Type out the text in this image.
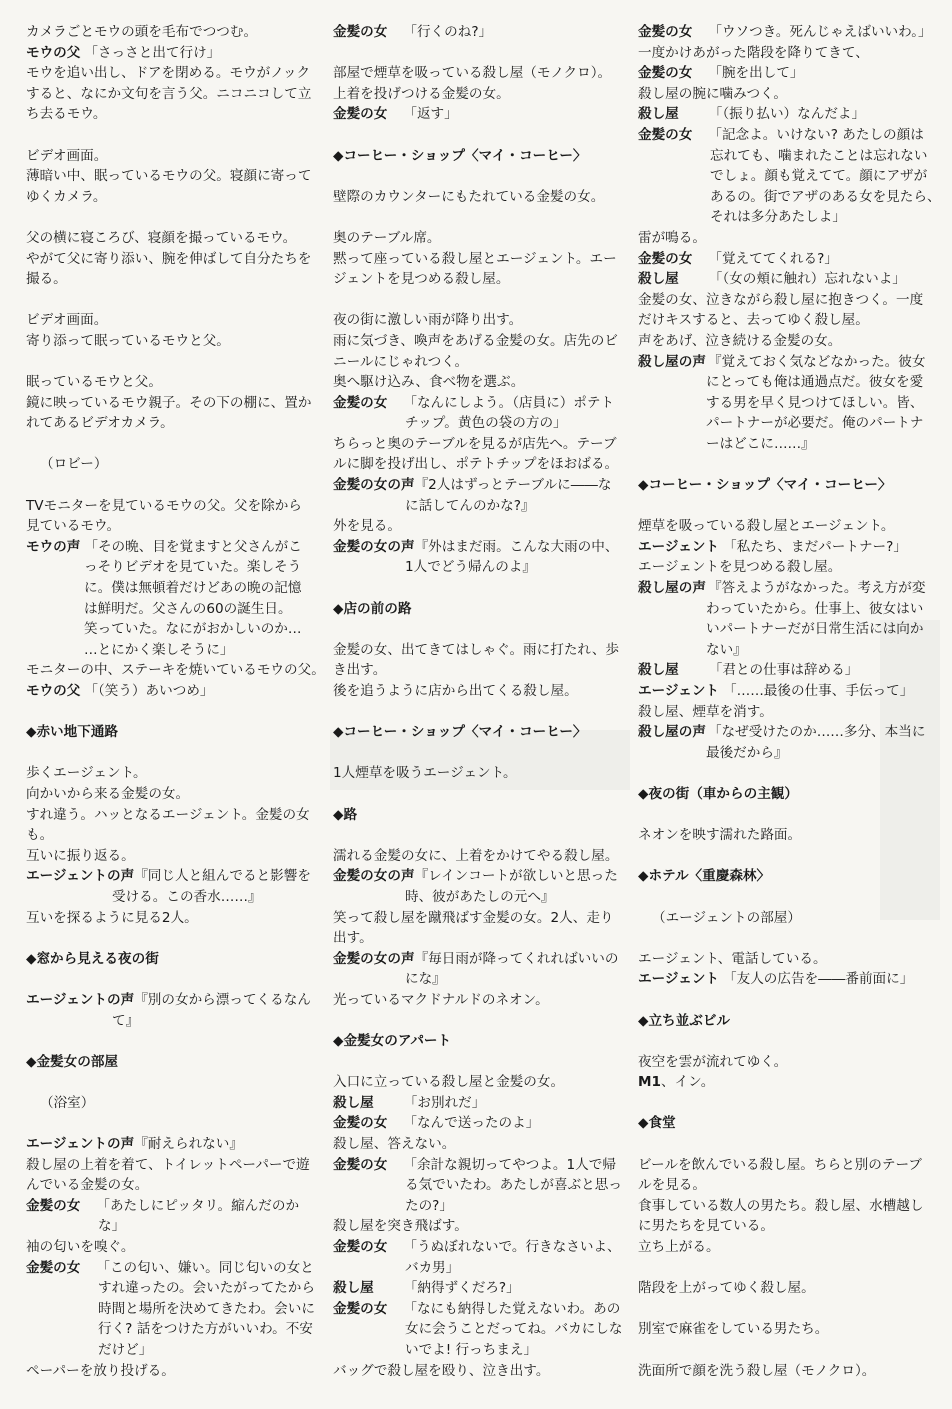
カメラごとモウの頭を毛布でつつむ。
モウの父 「さっさと出て行け」
モウを追い出し、ドアを閉める。モウがノック
すると、なにか文句を言う父。ニコニコして立
ち去るモウ。
ビデオ画面。
薄暗い中、眠っているモウの父。寝顔に寄って
ゆくカメラ。
父の横に寝ころび、寝顔を撮っているモウ。
やがて父に寄り添い、腕を伸ばして自分たちを
撮る。
ビデオ画面。
寄り添って眠っているモウと父。
眠っているモウと父。
鏡に映っているモウ親子。その下の棚に、置か
れてあるビデオカメラ。
（ロビー）
TVモニターを見ているモウの父。父を除から
見ているモウ。
モウの声 「その晩、目を覚ますと父さんがこ
っそりビデオを見ていた。楽しそう
に。僕は無頓着だけどあの晩の記憶
は鮮明だ。父さんの60の誕生日。
笑っていた。なにがおかしいのか…
…とにかく楽しそうに」
モニターの中、ステーキを焼いているモウの父。
モウの父 「（笑う）あいつめ」
◆赤い地下通路
歩くエージェント。
向かいから来る金髪の女。
すれ違う。ハッとなるエージェント。金髪の女
も。
互いに振り返る。
エージェントの声『同じ人と組んでると影響を
受ける。この香水……』
互いを探るように見る2人。
◆窓から見える夜の街
エージェントの声『別の女から漂ってくるなん
て』
◆金髪女の部屋
（浴室）
エージェントの声『耐えられない』
殺し屋の上着を着て、トイレットペーパーで遊
んでいる金髪の女。
金髪の女 「あたしにピッタリ。縮んだのか
な」
袖の匂いを嗅ぐ。
金髪の女 「この匂い、嫌い。同じ匂いの女と
すれ違ったの。会いたがってたから
時間と場所を決めてきたわ。会いに
行く? 話をつけた方がいいわ。不安
だけど」
ペーパーを放り投げる。
金髪の女 「行くのね?」
部屋で煙草を吸っている殺し屋（モノクロ）。
上着を投げつける金髪の女。
金髪の女 「返す」
◆コーヒー・ショップ〈マイ・コーヒー〉
壁際のカウンターにもたれている金髪の女。
奥のテーブル席。
黙って座っている殺し屋とエージェント。エー
ジェントを見つめる殺し屋。
夜の街に激しい雨が降り出す。
雨に気づき、喚声をあげる金髪の女。店先のビ
ニールにじゃれつく。
奥へ駆け込み、食べ物を選ぶ。
金髪の女 「なんにしよう。（店員に）ポテト
チップ。黄色の袋の方の」
ちらっと奥のテーブルを見るが店先へ。テーブ
ルに脚を投げ出し、ポテトチップをほおばる。
金髪の女の声『2人はずっとテーブルに――な
に話してんのかな?』
外を見る。
金髪の女の声『外はまだ雨。こんな大雨の中、
1人でどう帰んのよ』
◆店の前の路
金髪の女、出てきてはしゃぐ。雨に打たれ、歩
き出す。
後を追うように店から出てくる殺し屋。
◆コーヒー・ショップ〈マイ・コーヒー〉
1人煙草を吸うエージェント。
◆路
濡れる金髪の女に、上着をかけてやる殺し屋。
金髪の女の声『レインコートが欲しいと思った
時、彼があたしの元へ』
笑って殺し屋を蹴飛ばす金髪の女。2人、走り
出す。
金髪の女の声『毎日雨が降ってくれればいいの
にな』
光っているマクドナルドのネオン。
◆金髪女のアパート
入口に立っている殺し屋と金髪の女。
殺し屋 「お別れだ」
金髪の女 「なんで送ったのよ」
殺し屋、答えない。
金髪の女 「余計な親切ってやつよ。1人で帰
る気でいたわ。あたしが喜ぶと思っ
たの?」
殺し屋を突き飛ばす。
金髪の女 「うぬぼれないで。行きなさいよ、
バカ男」
殺し屋 「納得ずくだろ?」
金髪の女 「なにも納得した覚えないわ。あの
女に会うことだってね。バカにしな
いでよ! 行っちまえ」
バッグで殺し屋を殴り、泣き出す。
金髪の女 「ウソつき。死んじゃえばいいわ。」
一度かけあがった階段を降りてきて、
金髪の女 「腕を出して」
殺し屋の腕に噛みつく。
殺し屋 「（振り払い）なんだよ」
金髪の女 「記念よ。いけない? あたしの顔は
忘れても、噛まれたことは忘れない
でしょ。顔も覚えてて。顔にアザが
あるの。街でアザのある女を見たら、
それは多分あたしよ」
雷が鳴る。
金髪の女 「覚えててくれる?」
殺し屋 「（女の頬に触れ）忘れないよ」
金髪の女、泣きながら殺し屋に抱きつく。一度
だけキスすると、去ってゆく殺し屋。
声をあげ、泣き続ける金髪の女。
殺し屋の声 『覚えておく気などなかった。彼女
にとっても俺は通過点だ。彼女を愛
する男を早く見つけてほしい。皆、
パートナーが必要だ。俺のパートナ
ーはどこに……』
◆コーヒー・ショップ〈マイ・コーヒー〉
煙草を吸っている殺し屋とエージェント。
エージェント 「私たち、まだパートナー?」
エージェントを見つめる殺し屋。
殺し屋の声 『答えようがなかった。考え方が変
わっていたから。仕事上、彼女はい
いパートナーだが日常生活には向か
ない』
殺し屋 「君との仕事は辞める」
エージェント 「……最後の仕事、手伝って」
殺し屋、煙草を消す。
殺し屋の声 「なぜ受けたのか……多分、本当に
最後だから』
◆夜の街（車からの主観）
ネオンを映す濡れた路面。
◆ホテル〈重慶森林〉
（エージェントの部屋）
エージェント、電話している。
エージェント 「友人の広告を――番前面に」
◆立ち並ぶビル
夜空を雲が流れてゆく。
M1、イン。
◆食堂
ビールを飲んでいる殺し屋。ちらと別のテーブ
ルを見る。
食事している数人の男たち。殺し屋、水槽越し
に男たちを見ている。
立ち上がる。
階段を上がってゆく殺し屋。
別室で麻雀をしている男たち。
洗面所で顔を洗う殺し屋（モノクロ）。
